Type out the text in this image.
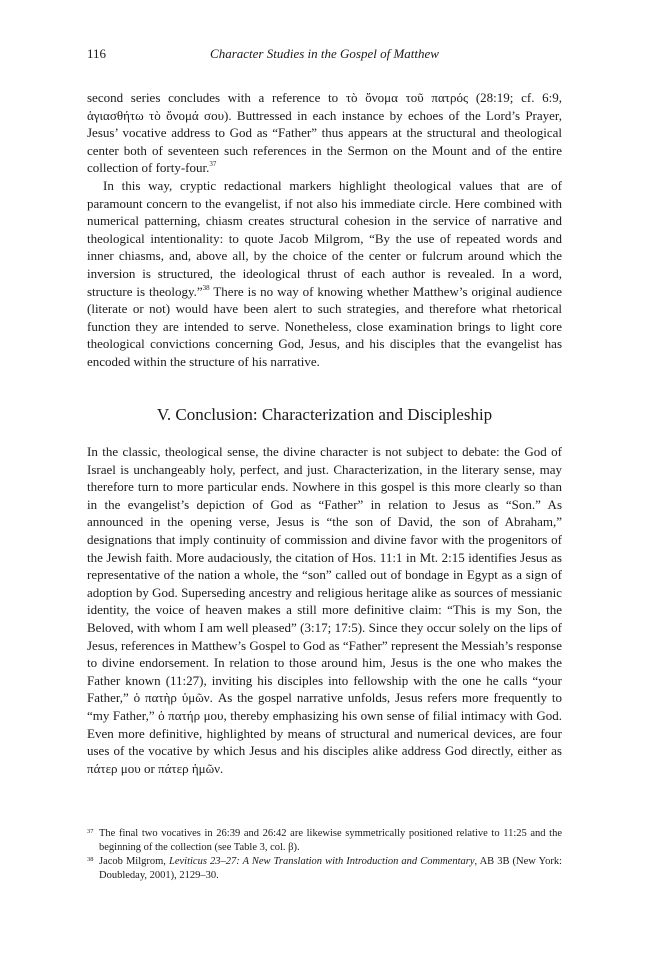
116	Character Studies in the Gospel of Matthew

second series concludes with a reference to τὸ ὄνομα τοῦ πατρός (28:19; cf. 6:9, ἁγιασθήτω τὸ ὄνομά σου). Buttressed in each instance by echoes of the Lord’s Prayer, Jesus’ vocative address to God as “Father” thus appears at the structural and theological center both of seventeen such references in the Sermon on the Mount and of the entire collection of forty-four.$^{37}$

In this way, cryptic redactional markers highlight theological values that are of paramount concern to the evangelist, if not also his immediate circle. Here combined with numerical patterning, chiasm creates structural cohesion in the service of narrative and theological intentionality: to quote Jacob Milgrom, “By the use of repeated words and inner chiasms, and, above all, by the choice of the center or fulcrum around which the inversion is structured, the ideological thrust of each author is revealed. In a word, structure is theology.”$^{38}$ There is no way of knowing whether Matthew’s original audience (literate or not) would have been alert to such strategies, and therefore what rhetorical function they are intended to serve. Nonetheless, close examination brings to light core theological convictions concerning God, Jesus, and his disciples that the evangelist has encoded within the structure of his narrative.

V. Conclusion: Characterization and Discipleship

In the classic, theological sense, the divine character is not subject to debate: the God of Israel is unchangeably holy, perfect, and just. Characterization, in the literary sense, may therefore turn to more particular ends. Nowhere in this gospel is this more clearly so than in the evangelist’s depiction of God as “Father” in relation to Jesus as “Son.” As announced in the opening verse, Jesus is “the son of David, the son of Abraham,” designations that imply continuity of commission and divine favor with the progenitors of the Jewish faith. More audaciously, the citation of Hos. 11:1 in Mt. 2:15 identifies Jesus as representative of the nation a whole, the “son” called out of bondage in Egypt as a sign of adoption by God. Superseding ancestry and religious heritage alike as sources of messianic identity, the voice of heaven makes a still more definitive claim: “This is my Son, the Beloved, with whom I am well pleased” (3:17; 17:5). Since they occur solely on the lips of Jesus, references in Matthew’s Gospel to God as “Father” represent the Messiah’s response to divine endorsement. In relation to those around him, Jesus is the one who makes the Father known (11:27), inviting his disciples into fellowship with the one he calls “your Father,” ὁ πατὴρ ὑμῶν. As the gospel narrative unfolds, Jesus refers more frequently to “my Father,” ὁ πατήρ μου, thereby emphasizing his own sense of filial intimacy with God. Even more definitive, highlighted by means of structural and numerical devices, are four uses of the vocative by which Jesus and his disciples alike address God directly, either as πάτερ μου or πάτερ ἡμῶν.

37 The final two vocatives in 26:39 and 26:42 are likewise symmetrically positioned relative to 11:25 and the beginning of the collection (see Table 3, col. β).
38 Jacob Milgrom, Leviticus 23–27: A New Translation with Introduction and Commentary, AB 3B (New York: Doubleday, 2001), 2129–30.
